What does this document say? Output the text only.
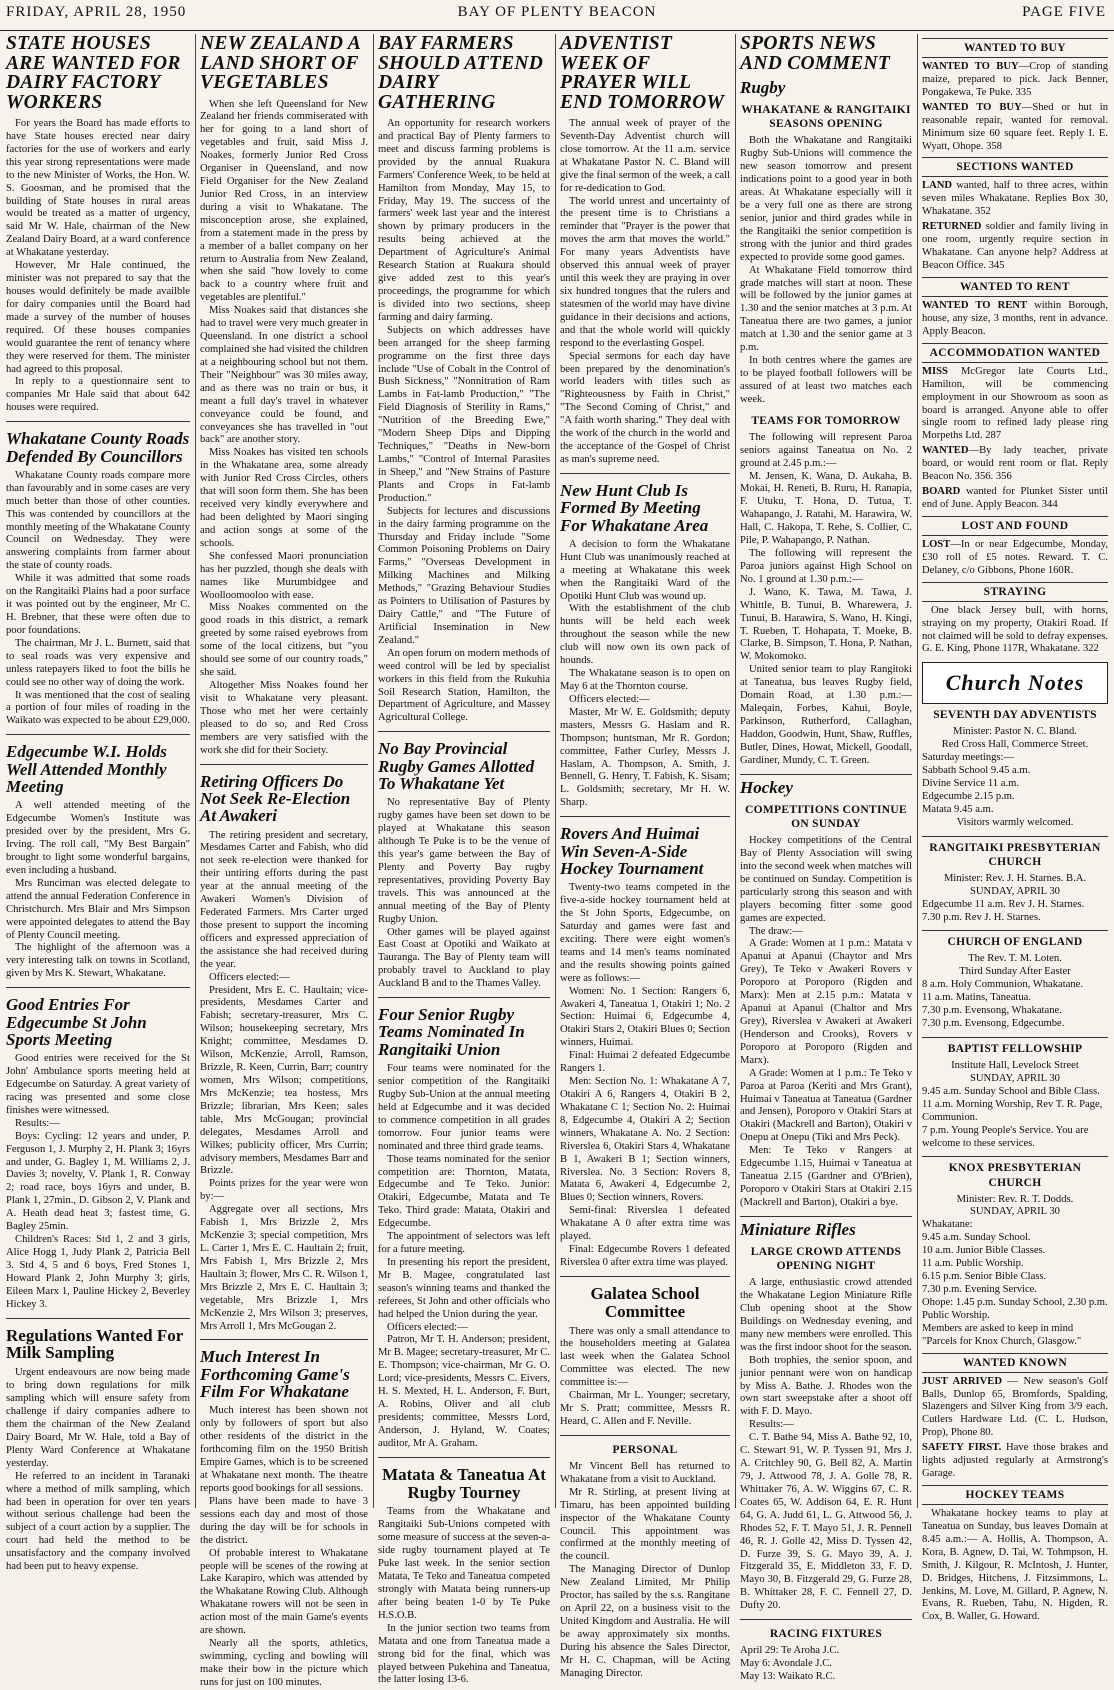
FRIDAY, APRIL 28, 1950	BAY OF PLENTY BEACON	PAGE FIVE
STATE HOUSES ARE WANTED FOR DAIRY FACTORY WORKERS

For years the Board has made efforts to have State houses erected near dairy factories for the use of workers and early this year strong representations were made to the new Minister of Works, the Hon. W. S. Goosman, and he promised that the building of State houses in rural areas would be treated as a matter of urgency, said Mr W. Hale, chairman of the New Zealand Dairy Board, at a ward conference at Whakatane yesterday.

However, Mr Hale continued, the minister was not prepared to say that the houses would definitely be made availble for dairy companies until the Board had made a survey of the number of houses required. Of these houses companies would guarantee the rent of tenancy where they were reserved for them. The minister had agreed to this proposal.

In reply to a questionnaire sent to companies Mr Hale said that about 642 houses were required.

Whakatane County Roads Defended By Councillors

Whakatane County roads compare more than favourably and in some cases are very much better than those of other counties. This was contended by councillors at the monthly meeting of the Whakatane County Council on Wednesday. They were answering complaints from farmer about the state of county roads.

While it was admitted that some roads on the Rangitaiki Plains had a poor surface it was pointed out by the engineer, Mr C. H. Brebner, that these were often due to poor foundations.

The chairman, Mr J. L. Burnett, said that to seal roads was very expensive and unless ratepayers liked to foot the bills he could see no other way of doing the work.

It was mentioned that the cost of sealing a portion of four miles of roading in the Waikato was expected to be about £29,000.

Edgecumbe W.I. Holds Well Attended Monthly Meeting

A well attended meeting of the Edgecumbe Women's Institute was presided over by the president, Mrs G. Irving. The roll call, "My Best Bargain" brought to light some wonderful bargains, even including a husband.

Mrs Runciman was elected delegate to attend the annual Federation Conference in Christchurch. Mrs Blair and Mrs Simpson were appointed delegates to attend the Bay of Plenty Council meeting.

The highlight of the afternoon was a very interesting talk on towns in Scotland, given by Mrs K. Stewart, Whakatane.

Good Entries For Edgecumbe St John Sports Meeting

Good entries were received for the St John' Ambulance sports meeting held at Edgecumbe on Saturday. A great variety of racing was presented and some close finishes were witnessed.

Results:—

Boys: Cycling: 12 years and under, P. Ferguson 1, J. Murphy 2, H. Plank 3; 16yrs and under, G. Bagley 1, M. Williams 2, J. Davies 3; novelty, V. Plank 1, R. Conway 2; road race, boys 16yrs and under, B. Plank 1, 27min., D. Gibson 2, V. Plank and A. Heath dead heat 3; fastest time, G. Bagley 25min.

Children's Races: Std 1, 2 and 3 girls, Alice Hogg 1, Judy Plank 2, Patricia Bell 3. Std 4, 5 and 6 boys, Fred Stones 1, Howard Plank 2, John Murphy 3; girls, Eileen Marx 1, Pauline Hickey 2, Beverley Hickey 3.

Regulations Wanted For Milk Sampling

Urgent endeavours are now being made to bring down regulations for milk sampling which will ensure safety from challenge if dairy companies adhere to them the chairman of the New Zealand Dairy Board, Mr W. Hale, told a Bay of Plenty Ward Conference at Whakatane yesterday.

He referred to an incident in Taranaki where a method of milk sampling, which had been in operation for over ten years without serious challenge had been the subject of a court action by a supplier. The court had held the method to be unsatisfactory and the company involved had been put to heavy expense.

NEW ZEALAND A LAND SHORT OF VEGETABLES

When she left Queensland for New Zealand her friends commiserated with her for going to a land short of vegetables and fruit, said Miss J. Noakes, formerly Junior Red Cross Organiser in Queensland, and now Field Organiser for the New Zealand Junior Red Cross, in an interview during a visit to Whakatane. The misconception arose, she explained, from a statement made in the press by a member of a ballet company on her return to Australia from New Zealand, when she said "how lovely to come back to a country where fruit and vegetables are plentiful."

Miss Noakes said that distances she had to travel were very much greater in Queensland. In one district a school complained she had visited the children at a neighbouring school but not them. Their "Neighbour" was 30 miles away, and as there was no train or bus, it meant a full day's travel in whatever conveyance could be found, and conveyances she has travelled in "out back" are another story.

Miss Noakes has visited ten schools in the Whakatane area, some already with Junior Red Cross Circles, others that will soon form them. She has been received very kindly everywhere and had been delighted by Maori singing and action songs at some of the schools.

She confessed Maori pronunciation has her puzzled, though she deals with names like Murumbidgee and Woolloomooloo with ease.

Miss Noakes commented on the good roads in this district, a remark greeted by some raised eyebrows from some of the local citizens, but "you should see some of our country roads," she said.

Altogether Miss Noakes found her visit to Whakatane very pleasant. Those who met her were certainly pleased to do so, and Red Cross members are very satisfied with the work she did for their Society.

Retiring Officers Do Not Seek Re-Election At Awakeri

The retiring president and secretary, Mesdames Carter and Fabish, who did not seek re-election were thanked for their untiring efforts during the past year at the annual meeting of the Awakeri Women's Division of Federated Farmers. Mrs Carter urged those present to support the incoming officers and expressed appreciation of the assistance she had received during the year.

Officers elected:—

President, Mrs E. C. Haultain; vice-presidents, Mesdames Carter and Fabish; secretary-treasurer, Mrs C. Wilson; housekeeping secretary, Mrs Knight; committee, Mesdames D. Wilson, McKenzie, Arroll, Ramson, Brizzle, R. Keen, Currin, Barr; country women, Mrs Wilson; competitions, Mrs McKenzie; tea hostess, Mrs Brizzle; librarian, Mrs Keen; sales table, Mrs McGougan; provincial delegates, Mesdames Arroll and Wilkes; publicity officer, Mrs Currin; advisory members, Mesdames Barr and Brizzle.

Points prizes for the year were won by:—

Aggregate over all sections, Mrs Fabish 1, Mrs Brizzle 2, Mrs McKenzie 3; special competition, Mrs L. Carter 1, Mrs E. C. Haultain 2; fruit, Mrs Fabish 1, Mrs Brizzle 2, Mrs Haultain 3; flower, Mrs C. R. Wilson 1, Mrs Brizzle 2, Mrs E. C. Haultain 3; vegetable, Mrs Brizzle 1, Mrs McKenzie 2, Mrs Wilson 3; preserves, Mrs Arroll 1, Mrs McGougan 2.

Much Interest In Forthcoming Game's Film For Whakatane

Much interest has been shown not only by followers of sport but also other residents of the district in the forthcoming film on the 1950 British Empire Games, which is to be screened at Whakatane next month. The theatre reports good bookings for all sessions.

Plans have been made to have 3 sessions each day and most of those during the day will be for schools in the district.

Of probable interest to Whakatane people will be scenes of the rowing at Lake Karapiro, which was attended by the Whakatane Rowing Club. Although Whakatane rowers will not be seen in action most of the main Game's events are shown.

Nearly all the sports, athletics, swimming, cycling and bowling will make their bow in the picture which runs for just on 100 minutes.

BAY FARMERS SHOULD ATTEND DAIRY GATHERING

An opportunity for research workers and practical Bay of Plenty farmers to meet and discuss farming problems is provided by the annual Ruakura Farmers' Conference Week, to be held at Hamilton from Monday, May 15, to Friday, May 19. The success of the farmers' week last year and the interest shown by primary producers in the results being achieved at the Department of Agriculture's Animal Research Station at Ruakura should give added zest to this year's proceedings, the programme for which is divided into two sections, sheep farming and dairy farming.

Subjects on which addresses have been arranged for the sheep farming programme on the first three days include "Use of Cobalt in the Control of Bush Sickness," "Nonnitration of Ram Lambs in Fat-lamb Production," "The Field Diagnosis of Sterility in Rams," "Nutrition of the Breeding Ewe," "Modern Sheep Dips and Dipping Techniques," "Deaths in New-born Lambs," "Control of Internal Parasites in Sheep," and "New Strains of Pasture Plants and Crops in Fat-lamb Production."

Subjects for lectures and discussions in the dairy farming programme on the Thursday and Friday include "Some Common Poisoning Problems on Dairy Farms," "Overseas Development in Milking Machines and Milking Methods," "Grazing Behaviour Studies as Pointers to Utilisation of Pastures by Dairy Cattle," and "The Future of Artificial Insemination in New Zealand."

An open forum on modern methods of weed control will be led by specialist workers in this field from the Rukuhia Soil Research Station, Hamilton, the Department of Agriculture, and Massey Agricultural College.

No Bay Provincial Rugby Games Allotted To Whakatane Yet

No representative Bay of Plenty rugby games have been set down to be played at Whakatane this season although Te Puke is to be the venue of this year's game between the Bay of Plenty and Poverty Bay rugby representatives, providing Poverty Bay travels. This was announced at the annual meeting of the Bay of Plenty Rugby Union.

Other games will be played against East Coast at Opotiki and Waikato at Tauranga. The Bay of Plenty team will probably travel to Auckland to play Auckland B and to the Thames Valley.

Four Senior Rugby Teams Nominated In Rangitaiki Union

Four teams were nominated for the senior competition of the Rangitaiki Rugby Sub-Union at the annual meeting held at Edgecumbe and it was decided to commence competition in all grades tomorrow. Four junior teams were nominated and three third grade teams.

Those teams nominated for the senior competition are: Thornton, Matata, Edgecumbe and Te Teko. Junior: Otakiri, Edgecumbe, Matata and Te Teko. Third grade: Matata, Otakiri and Edgecumbe.

The appointment of selectors was left for a future meeting.

In presenting his report the president, Mr B. Magee, congratulated last season's winning teams and thanked the referees, St John and other officials who had helped the Union during the year.

Officers elected:—

Patron, Mr T. H. Anderson; president, Mr B. Magee; secretary-treasurer, Mr C. E. Thompson; vice-chairman, Mr G. O. Lord; vice-presidents, Messrs C. Eivers, H. S. Mexted, H. L. Anderson, F. Burt, A. Robins, Oliver and all club presidents; committee, Messrs Lord, Anderson, J. Hyland, W. Coates; auditor, Mr A. Graham.

Matata & Taneatua At Rugby Tourney

Teams from the Whakatane and Rangitaiki Sub-Unions competed with some measure of success at the seven-a-side rugby tournament played at Te Puke last week. In the senior section Matata, Te Teko and Taneatua competed strongly with Matata being runners-up after being beaten 1-0 by Te Puke H.S.O.B.

In the junior section two teams from Matata and one from Taneatua made a strong bid for the final, which was played between Pukehina and Taneatua, the latter losing 13-6.

ADVENTIST WEEK OF PRAYER WILL END TOMORROW

The annual week of prayer of the Seventh-Day Adventist church will close tomorrow. At the 11 a.m. service at Whakatane Pastor N. C. Bland will give the final sermon of the week, a call for re-dedication to God.

The world unrest and uncertainty of the present time is to Christians a reminder that "Prayer is the power that moves the arm that moves the world." For many years Adventists have observed this annual week of prayer until this week they are praying in over six hundred tongues that the rulers and statesmen of the world may have divine guidance in their decisions and actions, and that the whole world will quickly respond to the everlasting Gospel.

Special sermons for each day have been prepared by the denomination's world leaders with titles such as "Righteousness by Faith in Christ," "The Second Coming of Christ," and "A faith worth sharing." They deal with the work of the church in the world and the acceptance of the Gospel of Christ as man's supreme need.

New Hunt Club Is Formed By Meeting For Whakatane Area

A decision to form the Whakatane Hunt Club was unanimously reached at a meeting at Whakatane this week when the Rangitaiki Ward of the Opotiki Hunt Club was wound up.

With the establishment of the club hunts will be held each week throughout the season while the new club will now own its own pack of hounds.

The Whakatane season is to open on May 6 at the Thornton course.

Officers elected:—

Master, Mr W. E. Goldsmith; deputy masters, Messrs G. Haslam and R. Thompson; huntsman, Mr R. Gordon; committee, Father Curley, Messrs J. Haslam, A. Thompson, A. Smith, J. Bennell, G. Henry, T. Fabish, K. Sisam; L. Goldsmith; secretary, Mr H. W. Sharp.

Rovers And Huimai Win Seven-A-Side Hockey Tournament

Twenty-two teams competed in the five-a-side hockey tournament held at the St John Sports, Edgecumbe, on Saturday and games were fast and exciting. There were eight women's teams and 14 men's teams nominated and the results showing points gained were as follows:—

Women: No. 1 Section: Rangers 6, Awakeri 4, Taneatua 1, Otakiri 1; No. 2 Section: Huimai 6, Edgecumbe 4, Otakiri Stars 2, Otakiri Blues 0; Section winners, Huimai.

Final: Huimai 2 defeated Edgecumbe Rangers 1.

Men: Section No. 1: Whakatane A 7, Otakiri A 6, Rangers 4, Otakiri B 2, Whakatane C 1; Section No. 2: Huimai 8, Edgecumbe 4, Otakiri A 2; Section winners, Whakatane A. No. 2 Section: Riverslea 6, Otakiri Stars 4, Whakatane B 1, Awakeri B 1; Section winners, Riverslea. No. 3 Section: Rovers 8, Matata 6, Awakeri 4, Edgecumbe 2, Blues 0; Section winners, Rovers.

Semi-final: Riverslea 1 defeated Whakatane A 0 after extra time was played.

Final: Edgecumbe Rovers 1 defeated Riverslea 0 after extra time was played.

Galatea School Committee

There was only a small attendance to the householders meeting at Galatea last week when the Galatea School Committee was elected. The new committee is:—

Chairman, Mr L. Younger; secretary, Mr S. Pratt; committee, Messrs R. Heard, C. Allen and F. Neville.

PERSONAL

Mr Vincent Bell has returned to Whakatane from a visit to Auckland.

Mr R. Stirling, at present living at Timaru, has been appointed building inspector of the Whakatane County Council. This appointment was confirmed at the monthly meeting of the council.

The Managing Director of Dunlop New Zealand Limited, Mr Philip Proctor, has sailed by the s.s. Rangitane on April 22, on a business visit to the United Kingdom and Australia. He will be away approximately six months. During his absence the Sales Director, Mr H. C. Chapman, will be Acting Managing Director.

SPORTS NEWS AND COMMENT
Rugby
WHAKATANE & RANGITAIKI SEASONS OPENING

Both the Whakatane and Rangitaiki Rugby Sub-Unions will commence the new season tomorrow and present indications point to a good year in both areas. At Whakatane especially will it be a very full one as there are strong senior, junior and third grades while in the Rangitaiki the senior competition is strong with the junior and third grades expected to provide some good games.

At Whakatane Field tomorrow third grade matches will start at noon. These will be followed by the junior games at 1.30 and the senior matches at 3 p.m. At Taneatua there are two games, a junior match at 1.30 and the senior game at 3 p.m.

In both centres where the games are to be played football followers will be assured of at least two matches each week.

TEAMS FOR TOMORROW

The following will represent Paroa seniors against Taneatua on No. 2 ground at 2.45 p.m.:—

M. Jensen, K. Wana, D. Aukaha, B. Mokai, H. Reneti, B. Ruru, H. Ranapia, F. Utuku, T. Hona, D. Tutua, T. Wahapango, J. Ratahi, M. Harawira, W. Hall, C. Hakopa, T. Rehe, S. Collier, C. Pile, P. Wahapango, P. Nathan.

The following will represent the Paroa juniors against High School on No. 1 ground at 1.30 p.m.:—

J. Wano, K. Tawa, M. Tawa, J. Whittle, B. Tunui, B. Wharewera, J. Tunui, B. Harawira, S. Wano, H. Kingi, T. Rueben, T. Hohapata, T. Moeke, B. Clarke, B. Simpson, T. Hona, P. Nathan, W. Mokomoko.

United senior team to play Rangitoki at Taneatua, bus leaves Rugby field, Domain Road, at 1.30 p.m.:— Maleqain, Forbes, Kahui, Boyle, Parkinson, Rutherford, Callaghan, Haddon, Goodwin, Hunt, Shaw, Ruffles, Butler, Dines, Howat, Mickell, Goodall, Gardiner, Mundy, C. T. Green.

Hockey
COMPETITIONS CONTINUE ON SUNDAY

Hockey competitions of the Central Bay of Plenty Association will swing into the second week when matches will be continued on Sunday. Competition is particularly strong this season and with players becoming fitter some good games are expected.

The draw:—

A Grade: Women at 1 p.m.: Matata v Apanui at Apanui (Chaytor and Mrs Grey), Te Teko v Awakeri Rovers v Poroporo at Poroporo (Rigden and Marx): Men at 2.15 p.m.: Matata v Apanui at Apanui (Chaltor and Mrs Grey), Riverslea v Awakeri at Awakeri (Henderson and Crooks), Rovers v Poroporo at Poroporo (Rigden and Marx).

A Grade: Women at 1 p.m.: Te Teko v Paroa at Paroa (Keriti and Mrs Grant), Huimai v Taneatua at Taneatua (Gardner and Jensen), Poroporo v Otakiri Stars at Otakiri (Mackrell and Barton), Otakiri v Onepu at Onepu (Tiki and Mrs Peck).

Men: Te Teko v Rangers at Edgecumbe 1.15, Huimai v Taneatua at Taneatua 2.15 (Gardner and O'Brien), Poroporo v Otakiri Stars at Otakiri 2.15 (Mackrell and Barton), Otakiri a bye.

Miniature Rifles
LARGE CROWD ATTENDS OPENING NIGHT

A large, enthusiastic crowd attended the Whakatane Legion Miniature Rifle Club opening shoot at the Show Buildings on Wednesday evening, and many new members were enrolled. This was the first indoor shoot for the season.

Both trophies, the senior spoon, and junior pennant were won on handicap by Miss A. Bathe. J. Rhodes won the own start sweepstake after a shoot off with F. D. Mayo.

Results:—

C. T. Bathe 94, Miss A. Bathe 92, 10, C. Stewart 91, W. P. Tyssen 91, Mrs J. A. Critchley 90, G. Bell 82, A. Martin 79, J. Attwood 78, J. A. Golle 78, R. Whittaker 76, A. W. Wiggins 67, C. R. Coates 65, W. Addison 64, E. R. Hunt 64, G. A. Judd 61, L. G. Attwood 56, J. Rhodes 52, F. T. Mayo 51, J. R. Pennell 46, R. J. Golle 42, Miss D. Tyssen 42, D. Furze 39, S. G. Mayo 39, A. J. Fitzgerald 35, E. Middleton 33, F. D. Mayo 30, B. Fitzgerald 29, G. Furze 28, B. Whittaker 28, F. C. Fennell 27, D. Dufty 20.

RACING FIXTURES
April 29: Te Aroha J.C.
May 6: Avondale J.C.
May 13: Waikato R.C.
WANTED TO BUY

WANTED TO BUY—Crop of standing maize, prepared to pick. Jack Benner, Pongakewa, Te Puke. 335

WANTED TO BUY—Shed or hut in reasonable repair, wanted for removal. Minimum size 60 square feet. Reply I. E. Wyatt, Ohope. 358

SECTIONS WANTED

LAND wanted, half to three acres, within seven miles Whakatane. Replies Box 30, Whakatane. 352

RETURNED soldier and family living in one room, urgently require section in Whakatane. Can anyone help? Address at Beacon Office. 345

WANTED TO RENT

WANTED TO RENT within Borough, house, any size, 3 months, rent in advance. Apply Beacon.

ACCOMMODATION WANTED

MISS McGregor late Courts Ltd., Hamilton, will be commencing employment in our Showroom as soon as board is arranged. Anyone able to offer single room to refined lady please ring Morpeths Ltd. 287

WANTED—By lady teacher, private board, or would rent room or flat. Reply Beacon No. 356. 356

BOARD wanted for Plunket Sister until end of June. Apply Beacon. 344

LOST AND FOUND

LOST—In or near Edgecumbe, Monday, £30 roll of £5 notes. Reward. T. C. Delaney, c/o Gibbons, Phone 160R.

STRAYING

One black Jersey bull, with horns, straying on my property, Otakiri Road. If not claimed will be sold to defray expenses. G. E. King, Phone 117R, Whakatane. 322

Church Notes
SEVENTH DAY ADVENTISTS
Minister: Pastor N. C. Bland.
Red Cross Hall, Commerce Street.
Saturday meetings:—
Sabbath School 9.45 a.m.
Divine Service 11 a.m.
Edgecumbe 2.15 p.m.
Matata 9.45 a.m.
Visitors warmly welcomed.
RANGITAIKI PRESBYTERIAN CHURCH
Minister: Rev. J. H. Starnes. B.A.
SUNDAY, APRIL 30
Edgecumbe 11 a.m. Rev J. H. Starnes.
7.30 p.m. Rev J. H. Starnes.
CHURCH OF ENGLAND
The Rev. T. M. Loten.
Third Sunday After Easter
8 a.m. Holy Communion, Whakatane.
11 a.m. Matins, Taneatua.
7.30 p.m. Evensong, Whakatane.
7.30 p.m. Evensong, Edgecumbe.
BAPTIST FELLOWSHIP
Institute Hall, Levelock Street
SUNDAY, APRIL 30
9.45 a.m. Sunday School and Bible Class.
11 a.m. Morning Worship, Rev T. R. Page, Communion.
7 p.m. Young People's Service. You are welcome to these services.
KNOX PRESBYTERIAN CHURCH
Minister: Rev. R. T. Dodds.
SUNDAY, APRIL 30
Whakatane:
9.45 a.m. Sunday School.
10 a.m. Junior Bible Classes.
11 a.m. Public Worship.
6.15 p.m. Senior Bible Class.
7.30 p.m. Evening Service.
Ohope: 1.45 p.m. Sunday School, 2.30 p.m. Public Worship.
Members are asked to keep in mind "Parcels for Knox Church, Glasgow."
WANTED KNOWN

JUST ARRIVED — New season's Golf Balls, Dunlop 65, Bromfords, Spalding, Slazengers and Silver King from 3/9 each. Cutlers Hardware Ltd. (C. L. Hudson, Prop), Phone 80.

SAFETY FIRST. Have those brakes and lights adjusted regularly at Armstrong's Garage.

HOCKEY TEAMS

Whakatane hockey teams to play at Taneatua on Sunday, bus leaves Domain at 8.45 a.m.:— A. Hollis, A. Thompson, A. Kora, B. Agnew, D. Tai, W. Tohmpson, H. Smith, J. Kilgour, R. McIntosh, J. Hunter, D. Bridges, Hitchens, J. Fitzsimmons, L. Jenkins, M. Love, M. Gillard, P. Agnew, N. Evans, R. Rueben, Tahu, N. Higden, R. Cox, B. Waller, G. Howard.
